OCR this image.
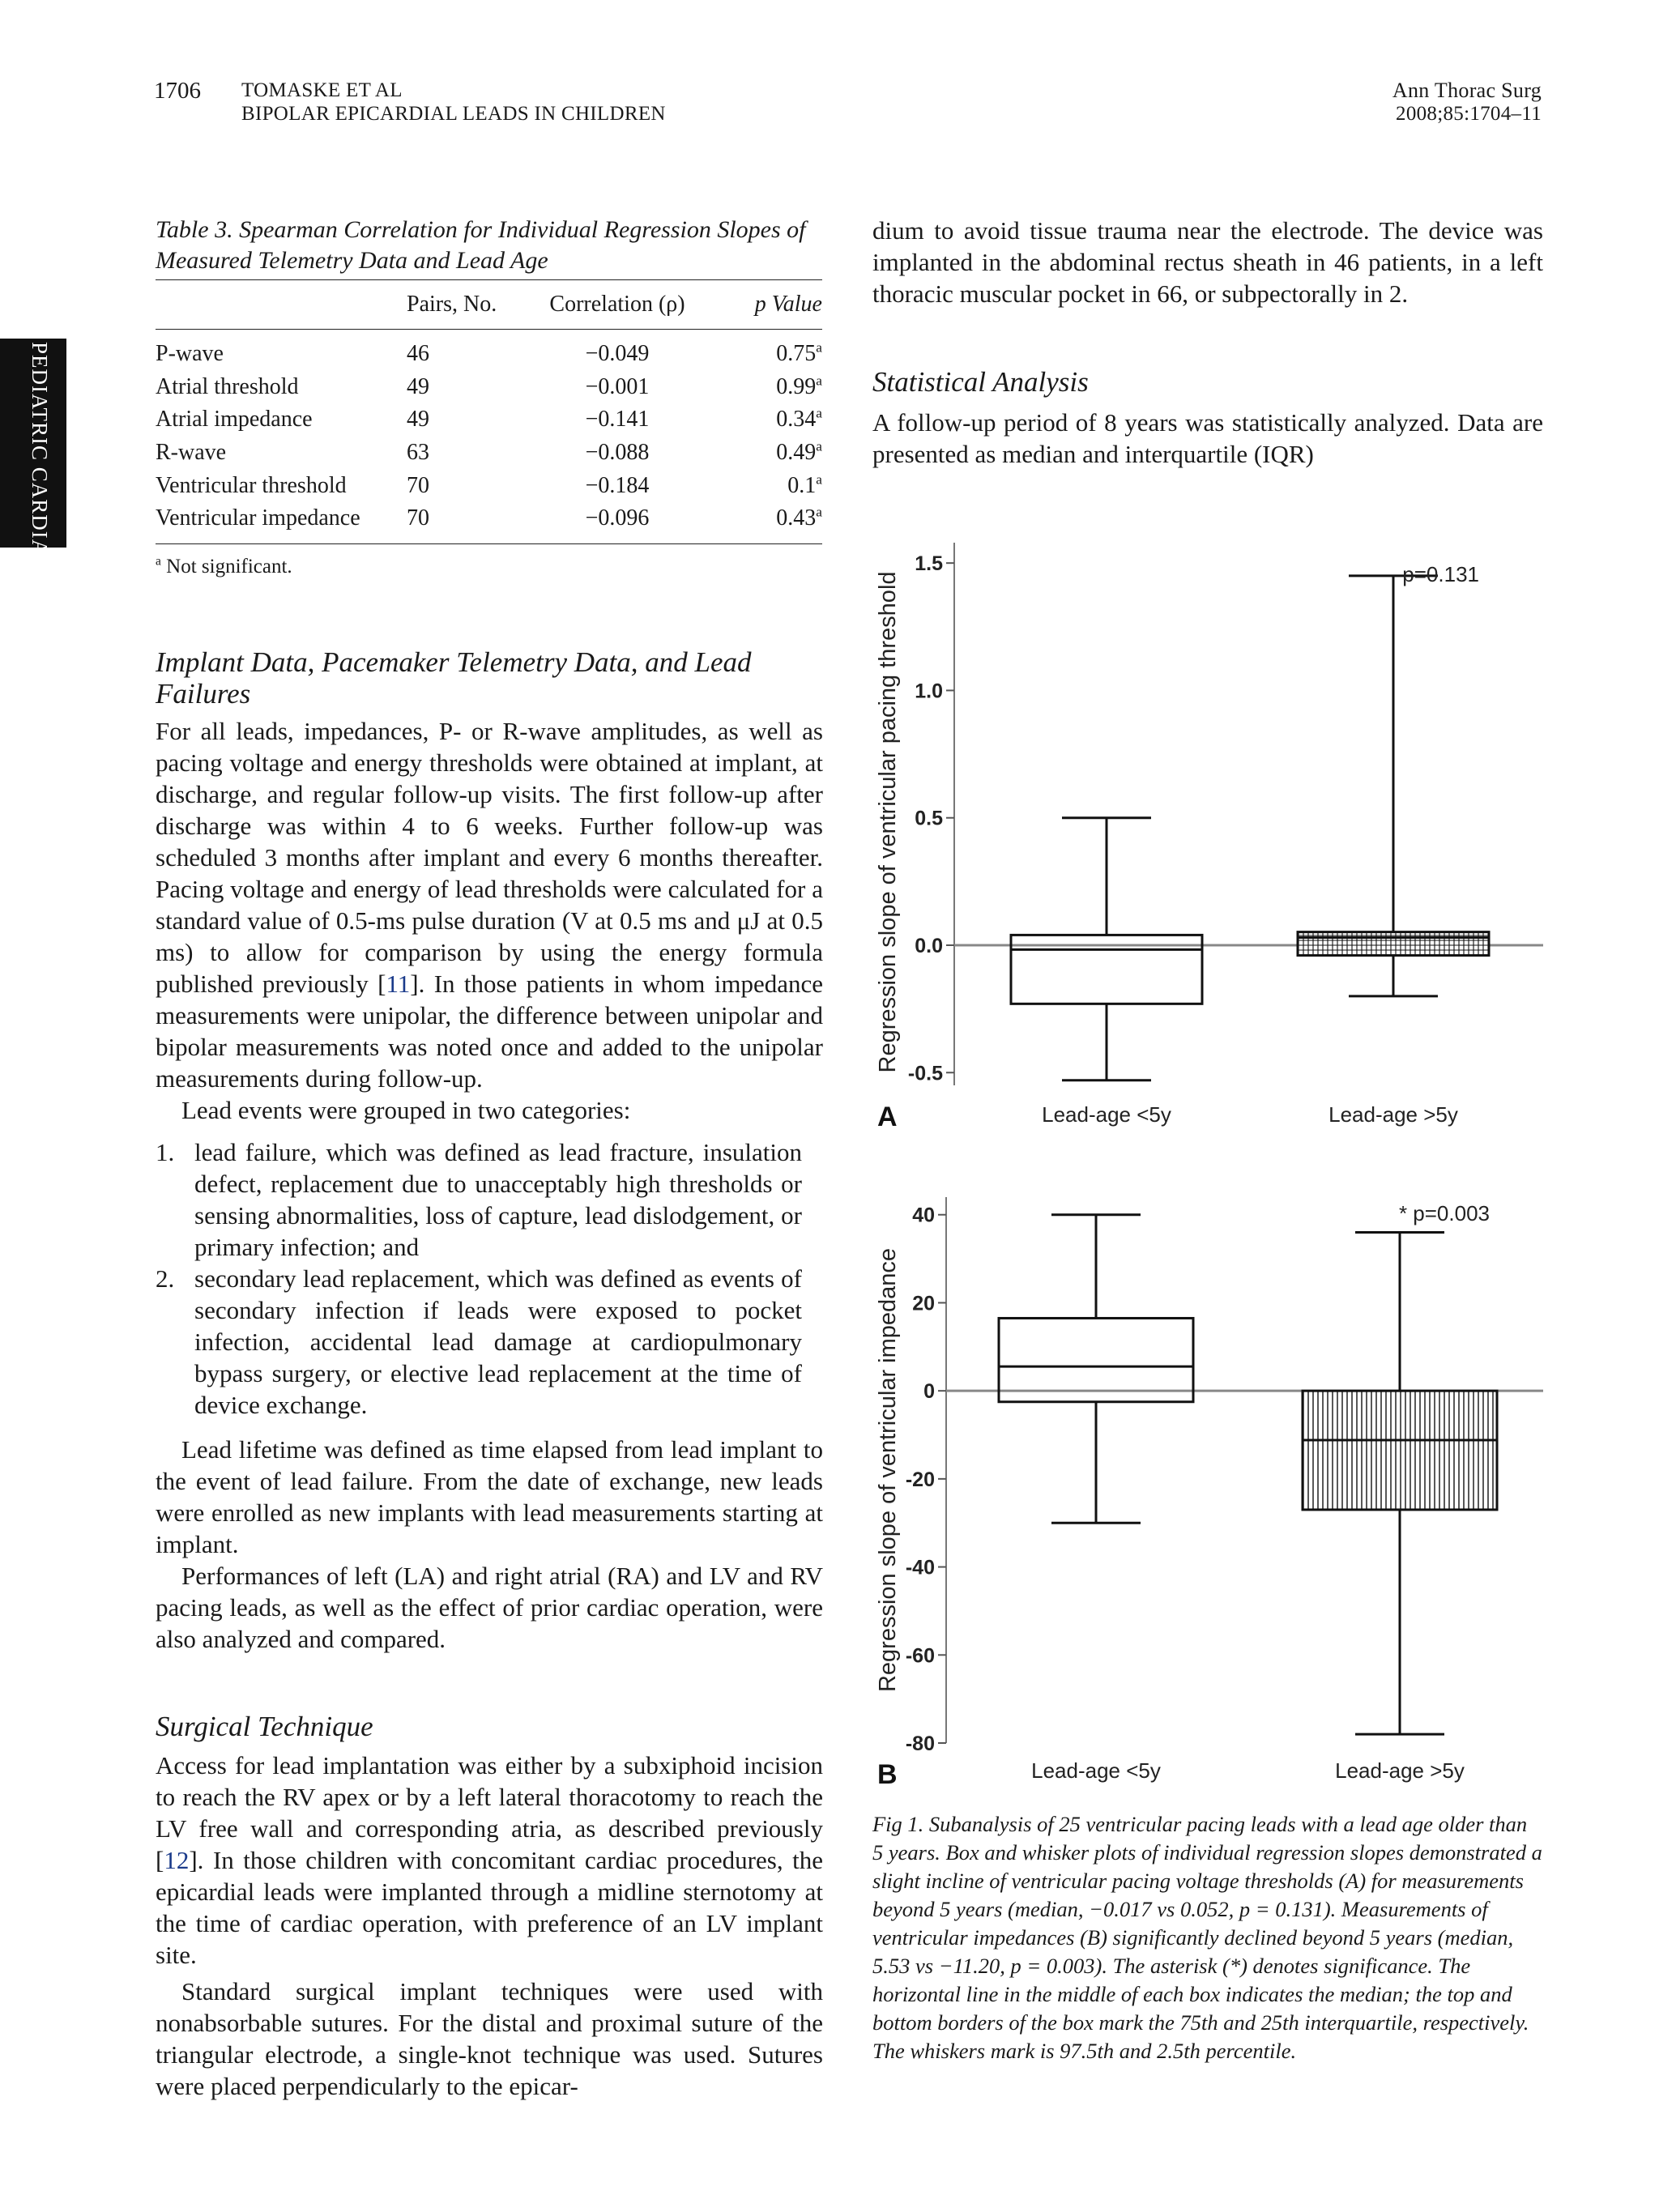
1706 TOMASKE ET AL
BIPOLAR EPICARDIAL LEADS IN CHILDREN
Ann Thorac Surg
2008;85:1704–11
PEDIATRIC CARDIAC
Table 3. Spearman Correlation for Individual Regression Slopes of Measured Telemetry Data and Lead Age
	Pairs, No.	Correlation (ρ)	p Value
P-wave	46	−0.049	0.75$^a$
Atrial threshold	49	−0.001	0.99$^a$
Atrial impedance	49	−0.141	0.34$^a$
R-wave	63	−0.088	0.49$^a$
Ventricular threshold	70	−0.184	0.1$^a$
Ventricular impedance	70	−0.096	0.43$^a$
$^a$ Not significant.
Implant Data, Pacemaker Telemetry Data, and Lead Failures

For all leads, impedances, P- or R-wave amplitudes, as well as pacing voltage and energy thresholds were obtained at implant, at discharge, and regular follow-up visits. The first follow-up after discharge was within 4 to 6 weeks. Further follow-up was scheduled 3 months after implant and every 6 months thereafter. Pacing voltage and energy of lead thresholds were calculated for a standard value of 0.5-ms pulse duration (V at 0.5 ms and μJ at 0.5 ms) to allow for comparison by using the energy formula published previously [11]. In those patients in whom impedance measurements were unipolar, the difference between unipolar and bipolar measurements was noted once and added to the unipolar measurements during follow-up.

Lead events were grouped in two categories:

1. lead failure, which was defined as lead fracture, insulation defect, replacement due to unacceptably high thresholds or sensing abnormalities, loss of capture, lead dislodgement, or primary infection; and
2. secondary lead replacement, which was defined as events of secondary infection if leads were exposed to pocket infection, accidental lead damage at cardiopulmonary bypass surgery, or elective lead replacement at the time of device exchange.

Lead lifetime was defined as time elapsed from lead implant to the event of lead failure. From the date of exchange, new leads were enrolled as new implants with lead measurements starting at implant.

Performances of left (LA) and right atrial (RA) and LV and RV pacing leads, as well as the effect of prior cardiac operation, were also analyzed and compared.

Surgical Technique

Access for lead implantation was either by a subxiphoid incision to reach the RV apex or by a left lateral thoracotomy to reach the LV free wall and corresponding atria, as described previously [12]. In those children with concomitant cardiac procedures, the epicardial leads were implanted through a midline sternotomy at the time of cardiac operation, with preference of an LV implant site.

Standard surgical implant techniques were used with nonabsorbable sutures. For the distal and proximal suture of the triangular electrode, a single-knot technique was used. Sutures were placed perpendicularly to the epicar-

dium to avoid tissue trauma near the electrode. The device was implanted in the abdominal rectus sheath in 46 patients, in a left thoracic muscular pocket in 66, or subpectorally in 2.
Statistical Analysis
A follow-up period of 8 years was statistically analyzed. Data are presented as median and interquartile (IQR)
1.5
1.0
0.5
0.0
-0.5
Regression slope of ventricular pacing threshold
Lead-age <5y	Lead-age >5y
p=0.131
A
40
20
0
-20
-40
-60
-80
Regression slope of ventricular impedance
Lead-age <5y	Lead-age >5y
* p=0.003
B
Fig 1. Subanalysis of 25 ventricular pacing leads with a lead age older than 5 years. Box and whisker plots of individual regression slopes demonstrated a slight incline of ventricular pacing voltage thresholds (A) for measurements beyond 5 years (median, −0.017 vs 0.052, p = 0.131). Measurements of ventricular impedances (B) significantly declined beyond 5 years (median, 5.53 vs −11.20, p = 0.003). The asterisk (*) denotes significance. The horizontal line in the middle of each box indicates the median; the top and bottom borders of the box mark the 75th and 25th interquartile, respectively. The whiskers mark is 97.5th and 2.5th percentile.
